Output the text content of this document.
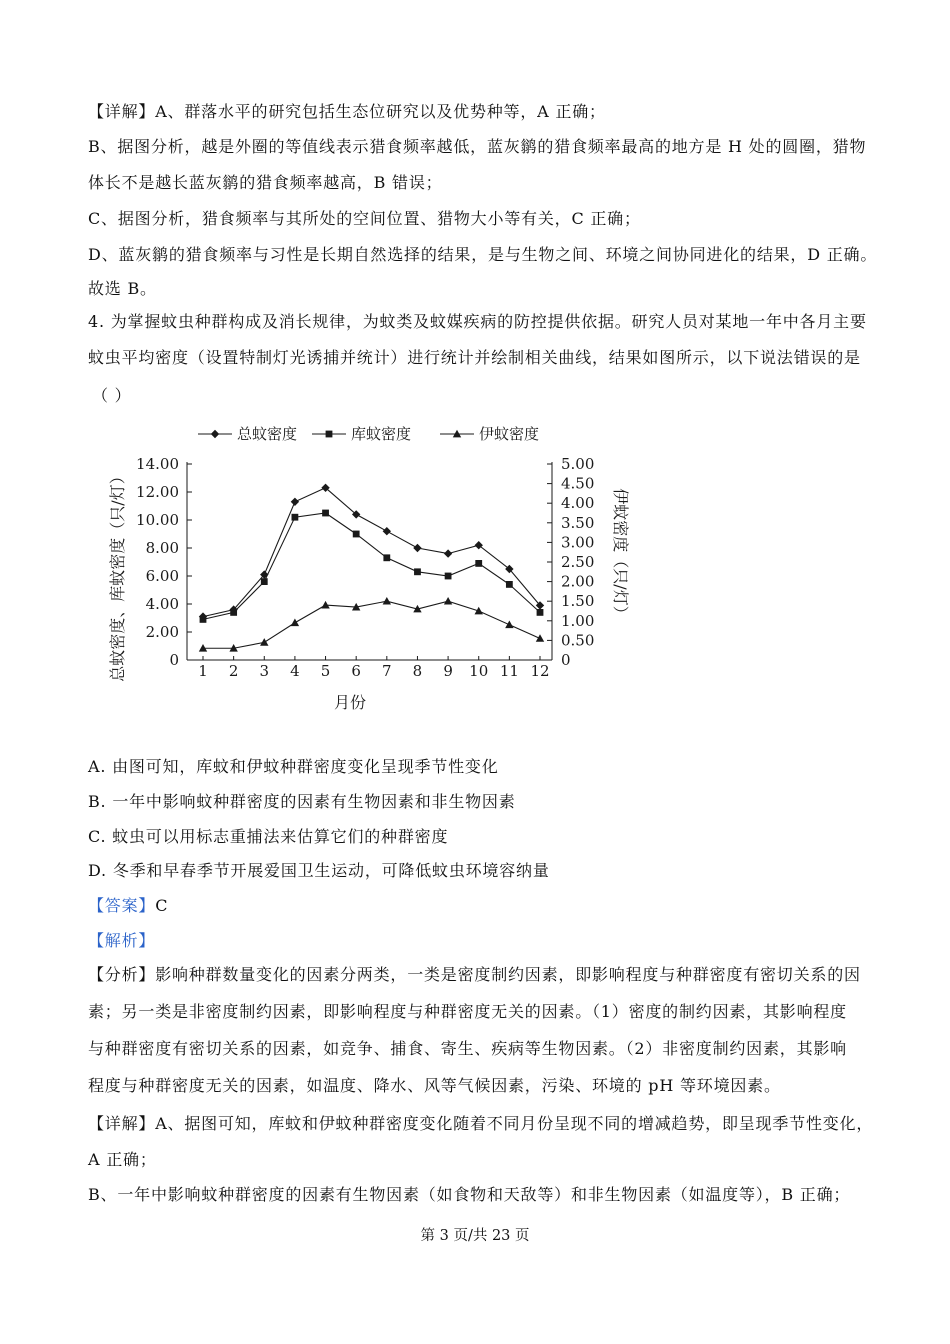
【详解】A、群落水平的研究包括生态位研究以及优势种等，A 正确；
B、据图分析，越是外圈的等值线表示猎食频率越低，蓝灰鹟的猎食频率最高的地方是 H 处的圆圈，猎物
体长不是越长蓝灰鹟的猎食频率越高，B 错误；
C、据图分析，猎食频率与其所处的空间位置、猎物大小等有关，C 正确；
D、蓝灰鹟的猎食频率与习性是长期自然选择的结果，是与生物之间、环境之间协同进化的结果，D 正确。
故选 B。
4. 为掌握蚊虫种群构成及消长规律，为蚊类及蚊媒疾病的防控提供依据。研究人员对某地一年中各月主要
蚊虫平均密度（设置特制灯光诱捕并统计）进行统计并绘制相关曲线，结果如图所示，以下说法错误的是
（ ）
0
2.00
4.00
6.00
8.00
10.00
12.00
14.00
0
0.50
1.00
1.50
2.00
2.50
3.00
3.50
4.00
4.50
5.00
1 2 3 4 5 6 7 8 9 10 11 12
总蚊密度、库蚊密度（只/灯）	伊蚊密度（只/灯）
月份
总蚊密度	库蚊密度	伊蚊密度
A. 由图可知，库蚊和伊蚊种群密度变化呈现季节性变化
B. 一年中影响蚊种群密度的因素有生物因素和非生物因素
C. 蚊虫可以用标志重捕法来估算它们的种群密度
D. 冬季和早春季节开展爱国卫生运动，可降低蚊虫环境容纳量
【答案】C
【解析】
【分析】影响种群数量变化的因素分两类，一类是密度制约因素，即影响程度与种群密度有密切关系的因
素；另一类是非密度制约因素，即影响程度与种群密度无关的因素。（1）密度的制约因素，其影响程度
与种群密度有密切关系的因素，如竞争、捕食、寄生、疾病等生物因素。（2）非密度制约因素，其影响
程度与种群密度无关的因素，如温度、降水、风等气候因素，污染、环境的 pH 等环境因素。
【详解】A、据图可知，库蚊和伊蚊种群密度变化随着不同月份呈现不同的增减趋势，即呈现季节性变化，
A 正确；
B、一年中影响蚊种群密度的因素有生物因素（如食物和天敌等）和非生物因素（如温度等），B 正确；
第 3 页/共 23 页
